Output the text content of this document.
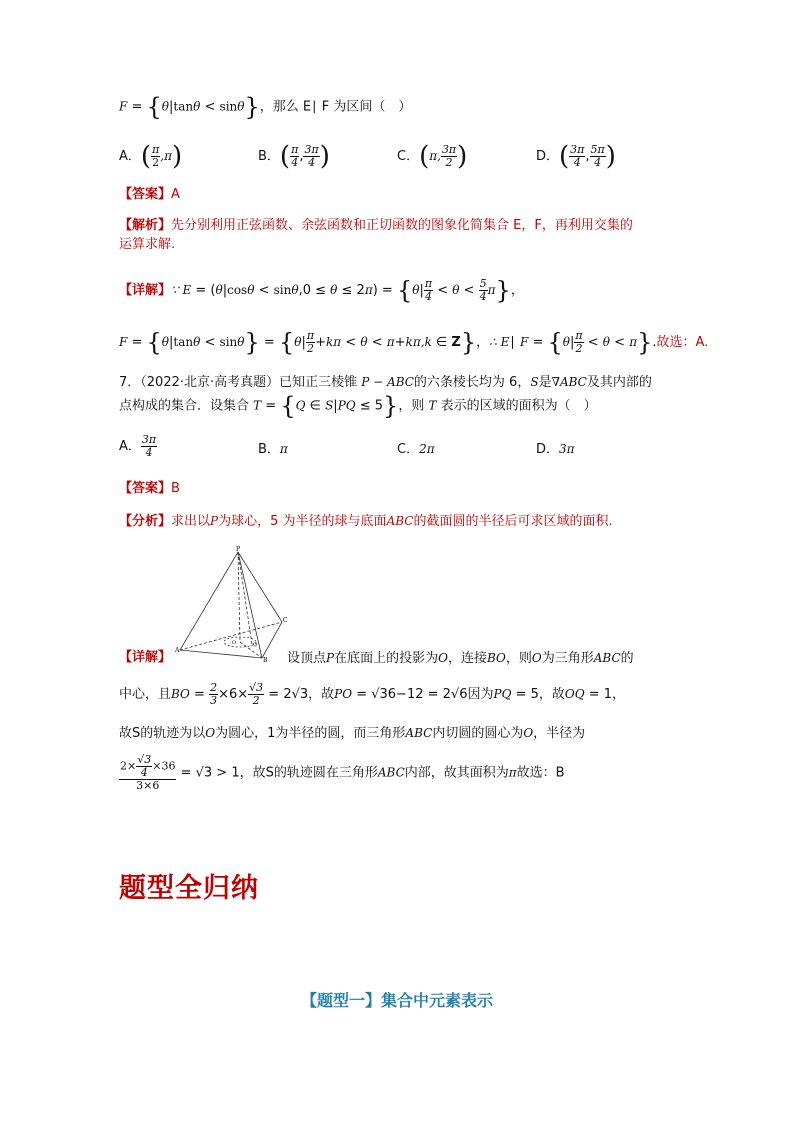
F = {θ|tanθ < sinθ}，那么 E∣ F 为区间（　）
A．( $\frac{\pi}{2} ,\pi$)	B．( $\frac{\pi}{4}$ , $\frac{3\pi}{4}$ )	C．(π, $\frac{3\pi}{2}$ )	D．( $\frac{3\pi}{4}$ , $\frac{5\pi}{4}$ )
【答案】A
【解析】先分别利用正弦函数、余弦函数和正切函数的图象化简集合 E，F，再利用交集的
运算求解.
【详解】∵ $E = (\theta|\cos\theta < \sin\theta,0 \le \theta \le 2\pi) = \{\theta| \frac{\pi}{4} < \theta < \frac{5}{4} \pi\}$，
$F = \{\theta|\tan\theta < \sin\theta\} = \{\theta| \frac{\pi}{2} +k\pi < \theta < \pi+k\pi,k$ ∈ Z}，∴ E∣ $F = \{\theta| \frac{\pi}{2} < \theta < \pi\}$.故选：A.
7．（2022·北京·高考真题）已知正三棱锥 P − ABC的六条棱长均为 6，S是∇ABC及其内部的
点构成的集合．设集合 T = {Q ∈ S|PQ ≤ 5}，则 T 表示的区域的面积为（　）
A． $\frac{3\pi}{4}$	B．π	C．2π	D．3π
【答案】B
【分析】求出以P为球心，5 为半径的球与底面ABC的截面圆的半径后可求区域的面积.
P
A
B
C
O	Q
【详解】	设顶点P在底面上的投影为O，连接BO，则O为三角形ABC的
中心，且BO = $\frac{2}{3} \times 6\times \frac{√3}{2} = 2√3$，故PO = √36−12 = 2√6因为PQ = 5，故OQ = 1，
故S的轨迹为以O为圆心，1为半径的圆，而三角形ABC内切圆的圆心为O，半径为
$\frac{2\times \frac{√3}{4} \times 36}{3\times 6} = √3 > 1$，故S的轨迹圆在三角形ABC内部，故其面积为π故选：B
题型全归纳
【题型一】集合中元素表示
